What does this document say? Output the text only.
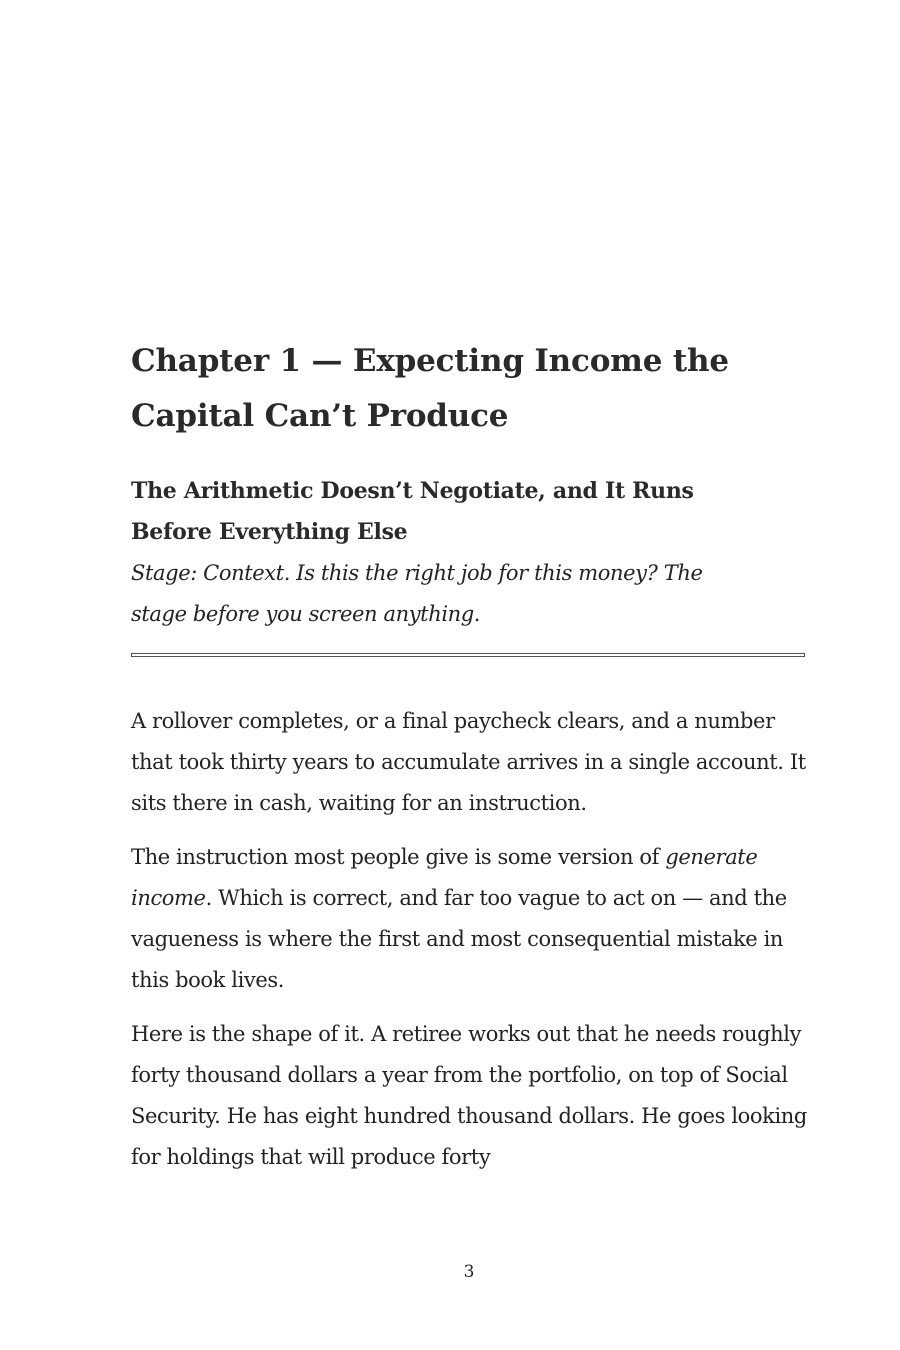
Chapter 1 — Expecting Income the
Capital Can’t Produce
The Arithmetic Doesn’t Negotiate, and It Runs
Before Everything Else

Stage: Context. Is this the right job for this money? The
stage before you screen anything.

A rollover completes, or a final paycheck clears, and a number that took thirty years to accumulate arrives in a single account. It sits there in cash, waiting for an instruction.

The instruction most people give is some version of generate income. Which is correct, and far too vague to act on — and the vagueness is where the first and most consequential mistake in this book lives.

Here is the shape of it. A retiree works out that he needs roughly forty thousand dollars a year from the portfolio, on top of Social Security. He has eight hundred thousand dollars. He goes looking for holdings that will produce forty

3
